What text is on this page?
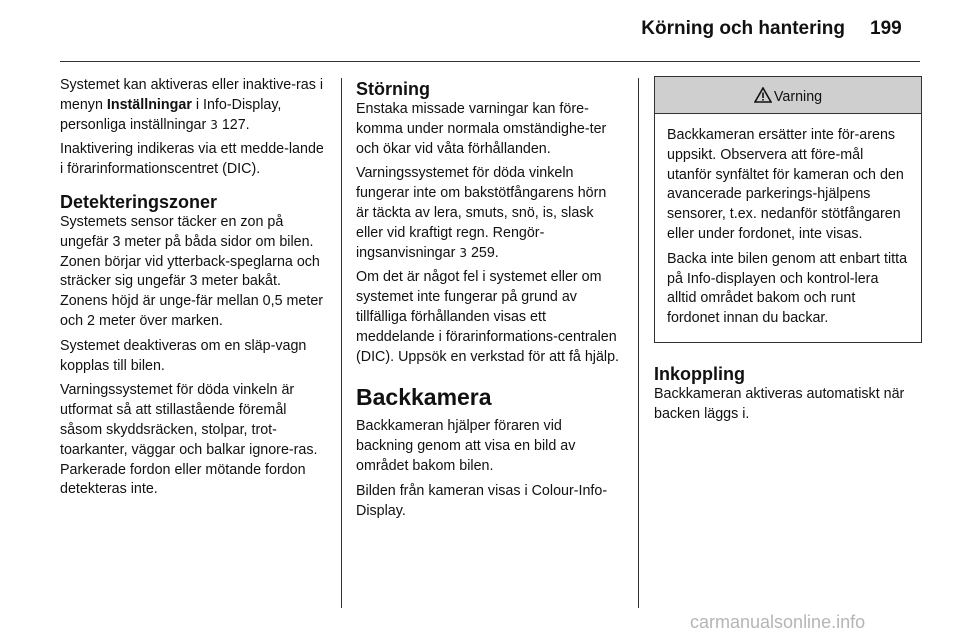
Körning och hantering 199

Systemet kan aktiveras eller inaktive-ras i menyn Inställningar i Info-Display, personliga inställningar 3 127.

Inaktivering indikeras via ett medde-lande i förarinformationscentret (DIC).

Detekteringszoner

Systemets sensor täcker en zon på ungefär 3 meter på båda sidor om bilen. Zonen börjar vid ytterback-speglarna och sträcker sig ungefär 3 meter bakåt. Zonens höjd är unge-fär mellan 0,5 meter och 2 meter över marken.

Systemet deaktiveras om en släp-vagn kopplas till bilen.

Varningssystemet för döda vinkeln är utformat så att stillastående föremål såsom skyddsräcken, stolpar, trot-toarkanter, väggar och balkar ignore-ras. Parkerade fordon eller mötande fordon detekteras inte.

Störning

Enstaka missade varningar kan före-komma under normala omständighe-ter och ökar vid våta förhållanden.

Varningssystemet för döda vinkeln fungerar inte om bakstötfångarens hörn är täckta av lera, smuts, snö, is, slask eller vid kraftigt regn. Rengör-ingsanvisningar 3 259.

Om det är något fel i systemet eller om systemet inte fungerar på grund av tillfälliga förhållanden visas ett meddelande i förarinformations-centralen (DIC). Uppsök en verkstad för att få hjälp.

Backkamera

Backkameran hjälper föraren vid backning genom att visa en bild av området bakom bilen.

Bilden från kameran visas i Colour-Info-Display.

Varning

Backkameran ersätter inte för-arens uppsikt. Observera att före-mål utanför synfältet för kameran och den avancerade parkerings-hjälpens sensorer, t.ex. nedanför stötfångaren eller under fordonet, inte visas.

Backa inte bilen genom att enbart titta på Info-displayen och kontrol-lera alltid området bakom och runt fordonet innan du backar.

Inkoppling

Backkameran aktiveras automatiskt när backen läggs i.

carmanualsonline.info
